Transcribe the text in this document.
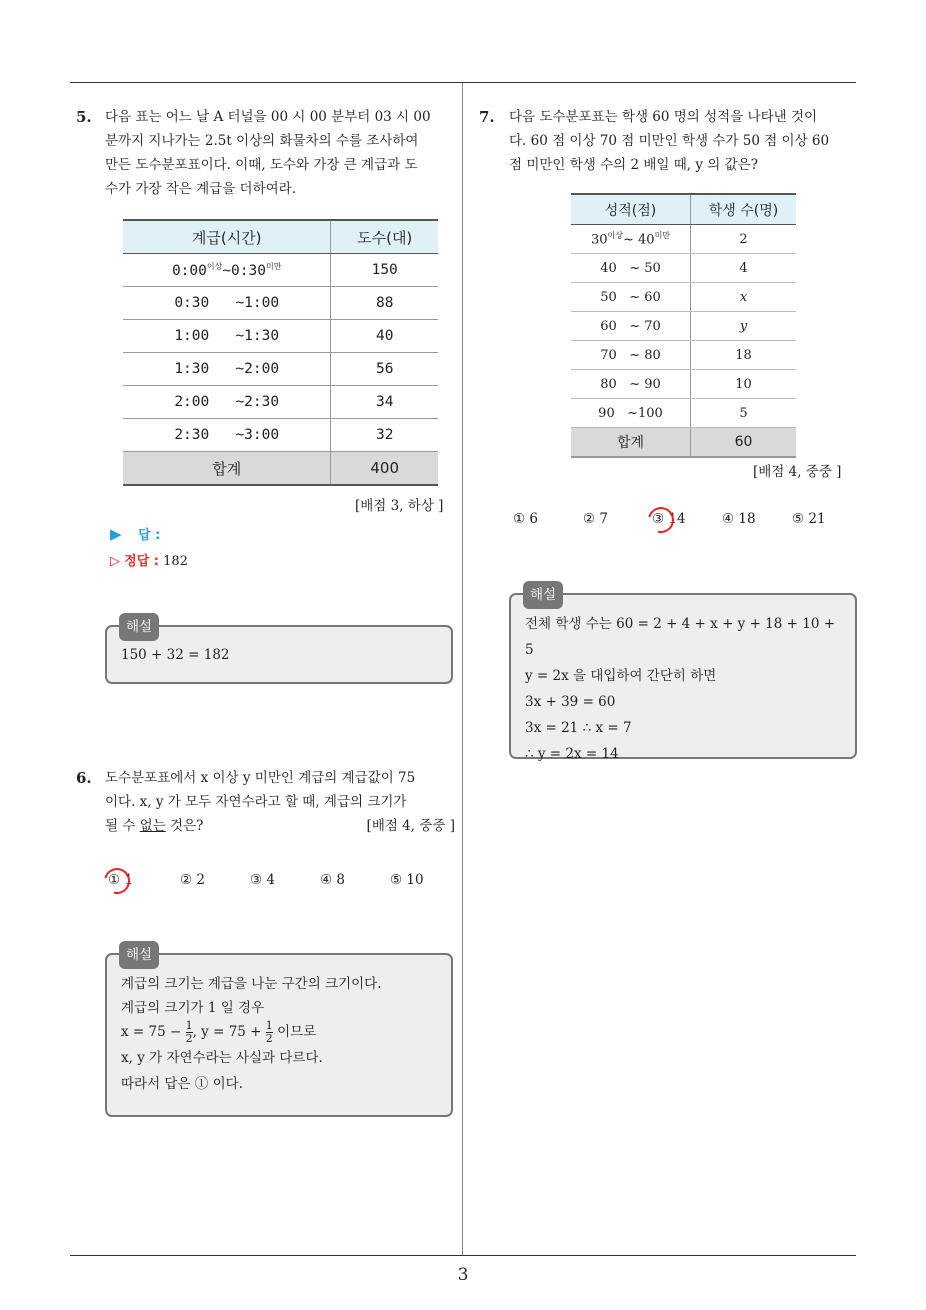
3
5. 다음 표는 어느 날 A 터널을 00 시 00 분부터 03 시 00

분까지 지나가는 2.5t 이상의 화물차의 수를 조사하여

만든 도수분포표이다. 이때, 도수와 가장 큰 계급과 도

수가 가장 작은 계급을 더하여라.

계급(시간)	도수(대)
$0:00^{이상}\sim 0:30^{미만}$	150
0:30 ~1:00	88
1:00 ~1:30	40
1:30 ~2:00	56
2:00 ~2:30	34
2:30 ~3:00	32
합계	400
[배점 3, 하상 ]
▶ 답 :
▷ 정답 : 182
해설

150 + 32 = 182

6. 도수분포표에서 x 이상 y 미만인 계급의 계급값이 75

이다. x, y 가 모두 자연수라고 할 때, 계급의 크기가

될 수 없는 것은?	[배점 4, 중중 ]

① 1	② 2	③ 4	④ 8	⑤ 10
해설

계급의 크기는 계급을 나눈 구간의 크기이다.

계급의 크기가 1 일 경우

$x = 75 - \frac{1}{2}$ , $y = 75 + \frac{1}{2}$ 이므로

x, y 가 자연수라는 사실과 다르다.

따라서 답은 ① 이다.

7. 다음 도수분포표는 학생 60 명의 성적을 나타낸 것이

다. 60 점 이상 70 점 미만인 학생 수가 50 점 이상 60

점 미만인 학생 수의 2 배일 때, y 의 값은?

성적(점)	학생 수(명)
$30^{이상}\sim$ $40^{미만}$	2
40 ~ 50	4
50 ~ 60	x
60 ~ 70	y
70 ~ 80	18
80 ~ 90	10
90 ~100	5
합계	60
[배점 4, 중중 ]
① 6	② 7	③ 14	④ 18	⑤ 21
해설

전체 학생 수는 60 = 2 + 4 + x + y + 18 + 10 + 5

y = 2x 을 대입하여 간단히 하면

3x + 39 = 60

3x = 21 ∴ x = 7

∴ y = 2x = 14
